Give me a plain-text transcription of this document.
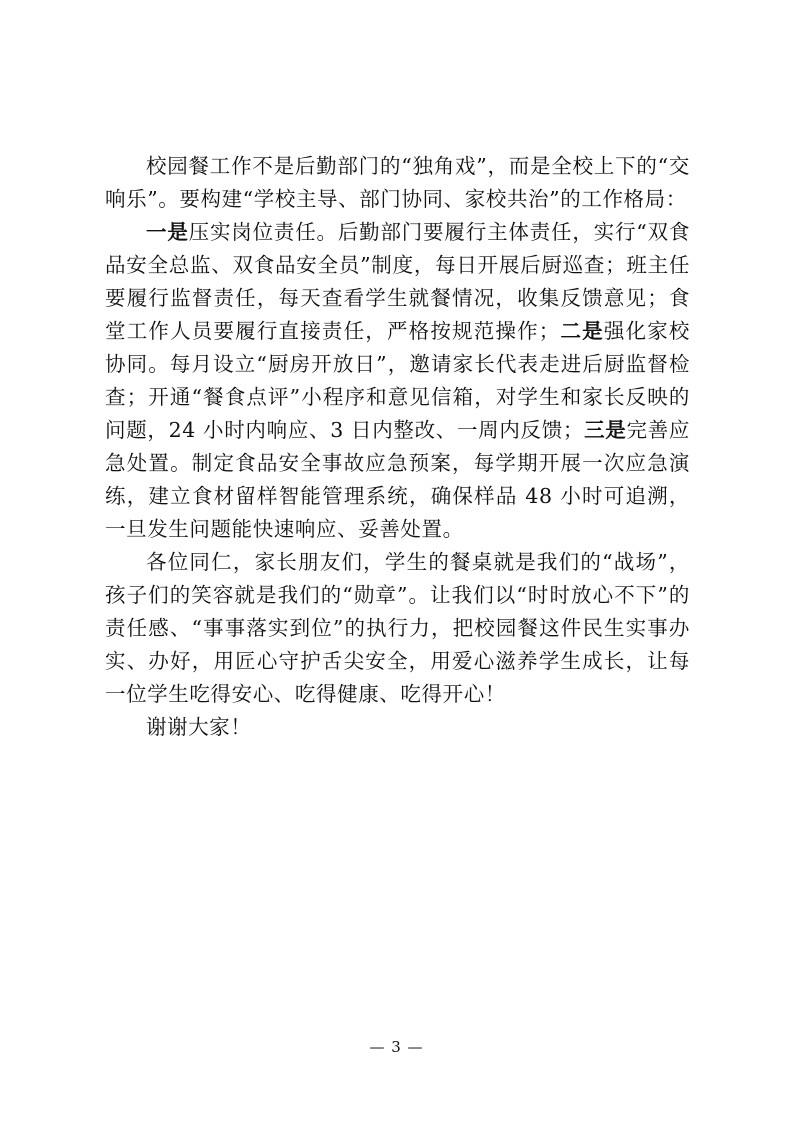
校园餐工作不是后勤部门的“独角戏”，而是全校上下的“交响乐”。要构建“学校主导、部门协同、家校共治”的工作格局：

一是压实岗位责任。后勤部门要履行主体责任，实行“双食品安全总监、双食品安全员”制度，每日开展后厨巡查；班主任要履行监督责任，每天查看学生就餐情况，收集反馈意见；食堂工作人员要履行直接责任，严格按规范操作；二是强化家校协同。每月设立“厨房开放日”，邀请家长代表走进后厨监督检查；开通“餐食点评”小程序和意见信箱，对学生和家长反映的问题，24 小时内响应、3 日内整改、一周内反馈；三是完善应急处置。制定食品安全事故应急预案，每学期开展一次应急演练，建立食材留样智能管理系统，确保样品 48 小时可追溯，一旦发生问题能快速响应、妥善处置。

各位同仁，家长朋友们，学生的餐桌就是我们的“战场”，孩子们的笑容就是我们的“勋章”。让我们以“时时放心不下”的责任感、“事事落实到位”的执行力，把校园餐这件民生实事办实、办好，用匠心守护舌尖安全，用爱心滋养学生成长，让每一位学生吃得安心、吃得健康、吃得开心！

谢谢大家！

— 3 —
